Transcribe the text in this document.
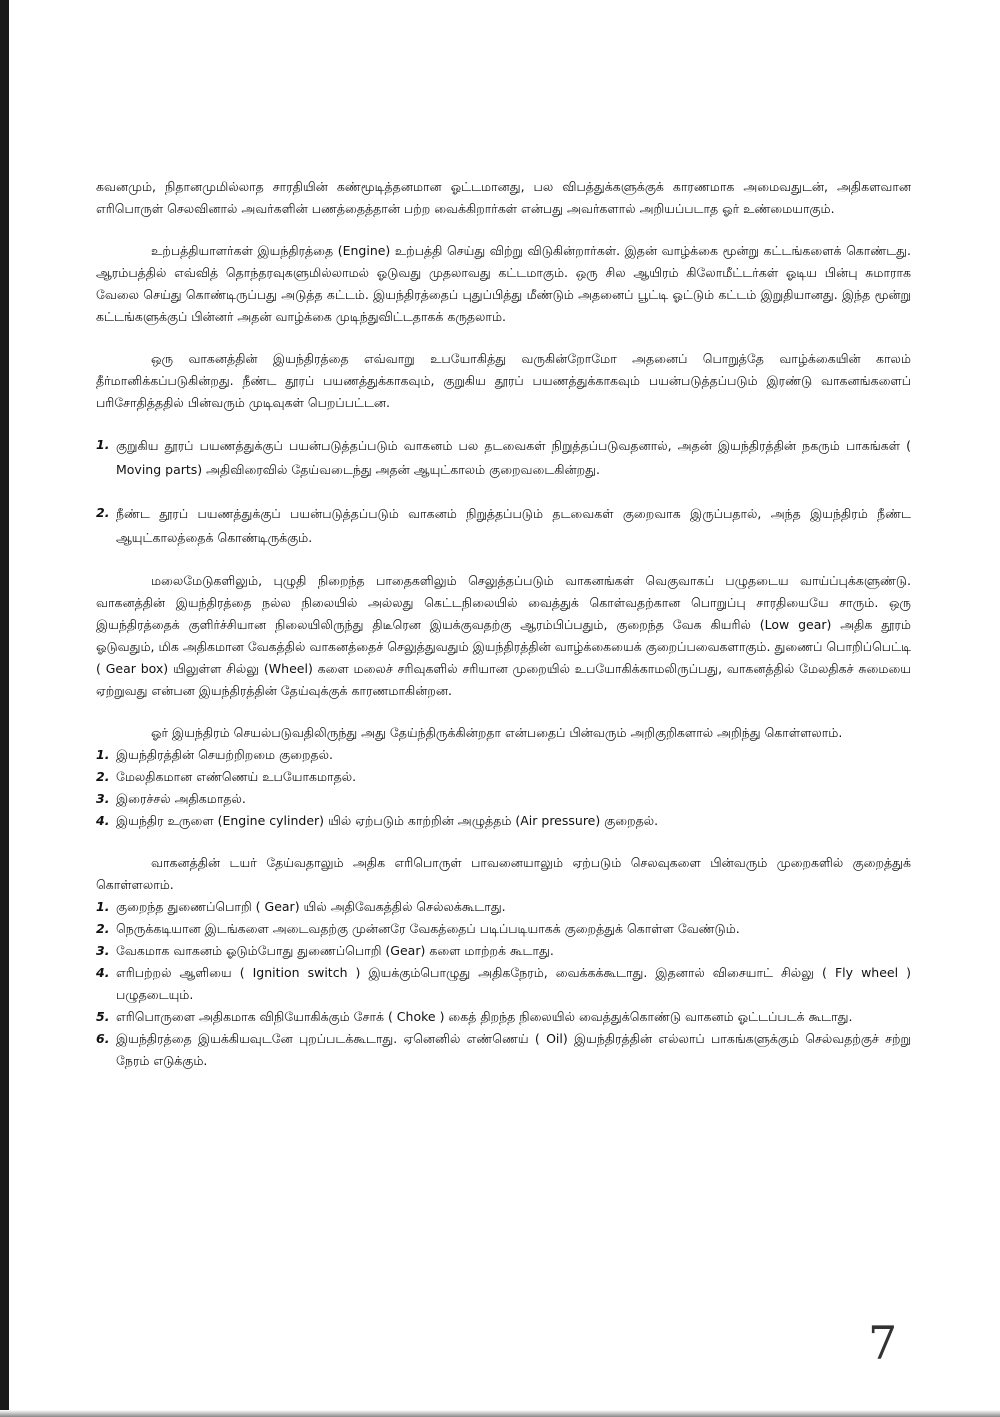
கவனமும், நிதானமுமில்லாத சாரதியின் கண்மூடித்தனமான ஓட்டமானது, பல விபத்துக்களுக்குக் காரணமாக அமைவதுடன், அதிகளவான எரிபொருள் செலவினால் அவர்களின் பணத்தைத்தான் பற்ற வைக்கிறார்கள் என்பது அவர்களால் அறியப்படாத ஓர் உண்மையாகும்.

உற்பத்தியாளர்கள் இயந்திரத்தை (Engine) உற்பத்தி செய்து விற்று விடுகின்றார்கள். இதன் வாழ்க்கை மூன்று கட்டங்களைக் கொண்டது. ஆரம்பத்தில் எவ்வித் தொந்தரவுகளுமில்லாமல் ஓடுவது முதலாவது கட்டமாகும். ஒரு சில ஆயிரம் கிலோமீட்டர்கள் ஓடிய பின்பு சுமாராக வேலை செய்து கொண்டிருப்பது அடுத்த கட்டம். இயந்திரத்தைப் புதுப்பித்து மீண்டும் அதனைப் பூட்டி ஓட்டும் கட்டம் இறுதியானது. இந்த மூன்று கட்டங்களுக்குப் பின்னர் அதன் வாழ்க்கை முடிந்துவிட்டதாகக் கருதலாம்.

ஒரு வாகனத்தின் இயந்திரத்தை எவ்வாறு உபயோகித்து வருகின்றோமோ அதனைப் பொறுத்தே வாழ்க்கையின் காலம் தீர்மானிக்கப்படுகின்றது. நீண்ட தூரப் பயணத்துக்காகவும், குறுகிய தூரப் பயணத்துக்காகவும் பயன்படுத்தப்படும் இரண்டு வாகனங்களைப் பரிசோதித்ததில் பின்வரும் முடிவுகள் பெறப்பட்டன.

1. குறுகிய தூரப் பயணத்துக்குப் பயன்படுத்தப்படும் வாகனம் பல தடவைகள் நிறுத்தப்படுவதனால், அதன் இயந்திரத்தின் நகரும் பாகங்கள் ( Moving parts) அதிவிரைவில் தேய்வடைந்து அதன் ஆயுட்காலம் குறைவடைகின்றது.
2. நீண்ட தூரப் பயணத்துக்குப் பயன்படுத்தப்படும் வாகனம் நிறுத்தப்படும் தடவைகள் குறைவாக இருப்பதால், அந்த இயந்திரம் நீண்ட ஆயுட்காலத்தைக் கொண்டிருக்கும்.

மலைமேடுகளிலும், புழுதி நிறைந்த பாதைகளிலும் செலுத்தப்படும் வாகனங்கள் வெகுவாகப் பழுதடைய வாய்ப்புக்களுண்டு. வாகனத்தின் இயந்திரத்தை நல்ல நிலையில் அல்லது கெட்டநிலையில் வைத்துக் கொள்வதற்கான பொறுப்பு சாரதியையே சாரும். ஒரு இயந்திரத்தைக் குளிர்ச்சியான நிலையிலிருந்து திடீரென இயக்குவதற்கு ஆரம்பிப்பதும், குறைந்த வேக கியரில் (Low gear) அதிக தூரம் ஓடுவதும், மிக அதிகமான வேகத்தில் வாகனத்தைச் செலுத்துவதும் இயந்திரத்தின் வாழ்க்கையைக் குறைப்பவைகளாகும். துணைப் பொறிப்பெட்டி ( Gear box) யிலுள்ள சில்லு (Wheel) களை மலைச் சரிவுகளில் சரியான முறையில் உபயோகிக்காமலிருப்பது, வாகனத்தில் மேலதிகச் சுமையை ஏற்றுவது என்பன இயந்திரத்தின் தேய்வுக்குக் காரணமாகின்றன.

ஓர் இயந்திரம் செயல்படுவதிலிருந்து அது தேய்ந்திருக்கின்றதா என்பதைப் பின்வரும் அறிகுறிகளால் அறிந்து கொள்ளலாம்.

1. இயந்திரத்தின் செயற்றிறமை குறைதல்.
2. மேலதிகமான எண்ணெய் உபயோகமாதல்.
3. இரைச்சல் அதிகமாதல்.
4. இயந்திர உருளை (Engine cylinder) யில் ஏற்படும் காற்றின் அழுத்தம் (Air pressure) குறைதல்.

வாகனத்தின் டயர் தேய்வதாலும் அதிக எரிபொருள் பாவனையாலும் ஏற்படும் செலவுகளை பின்வரும் முறைகளில் குறைத்துக் கொள்ளலாம்.

1. குறைந்த துணைப்பொறி ( Gear) யில் அதிவேகத்தில் செல்லக்கூடாது.
2. நெருக்கடியான இடங்களை அடைவதற்கு முன்னரே வேகத்தைப் படிப்படியாகக் குறைத்துக் கொள்ள வேண்டும்.
3. வேகமாக வாகனம் ஓடும்போது துணைப்பொறி (Gear) களை மாற்றக் கூடாது.
4. எரிபற்றல் ஆளியை ( Ignition switch ) இயக்கும்பொழுது அதிகநேரம், வைக்கக்கூடாது. இதனால் விசையாட் சில்லு ( Fly wheel ) பழுதடையும்.
5. எரிபொருளை அதிகமாக விநியோகிக்கும் சோக் ( Choke ) கைத் திறந்த நிலையில் வைத்துக்கொண்டு வாகனம் ஓட்டப்படக் கூடாது.
6. இயந்திரத்தை இயக்கியவுடனே புறப்படக்கூடாது. ஏனெனில் எண்ணெய் ( Oil) இயந்திரத்தின் எல்லாப் பாகங்களுக்கும் செல்வதற்குச் சற்று நேரம் எடுக்கும்.
7
